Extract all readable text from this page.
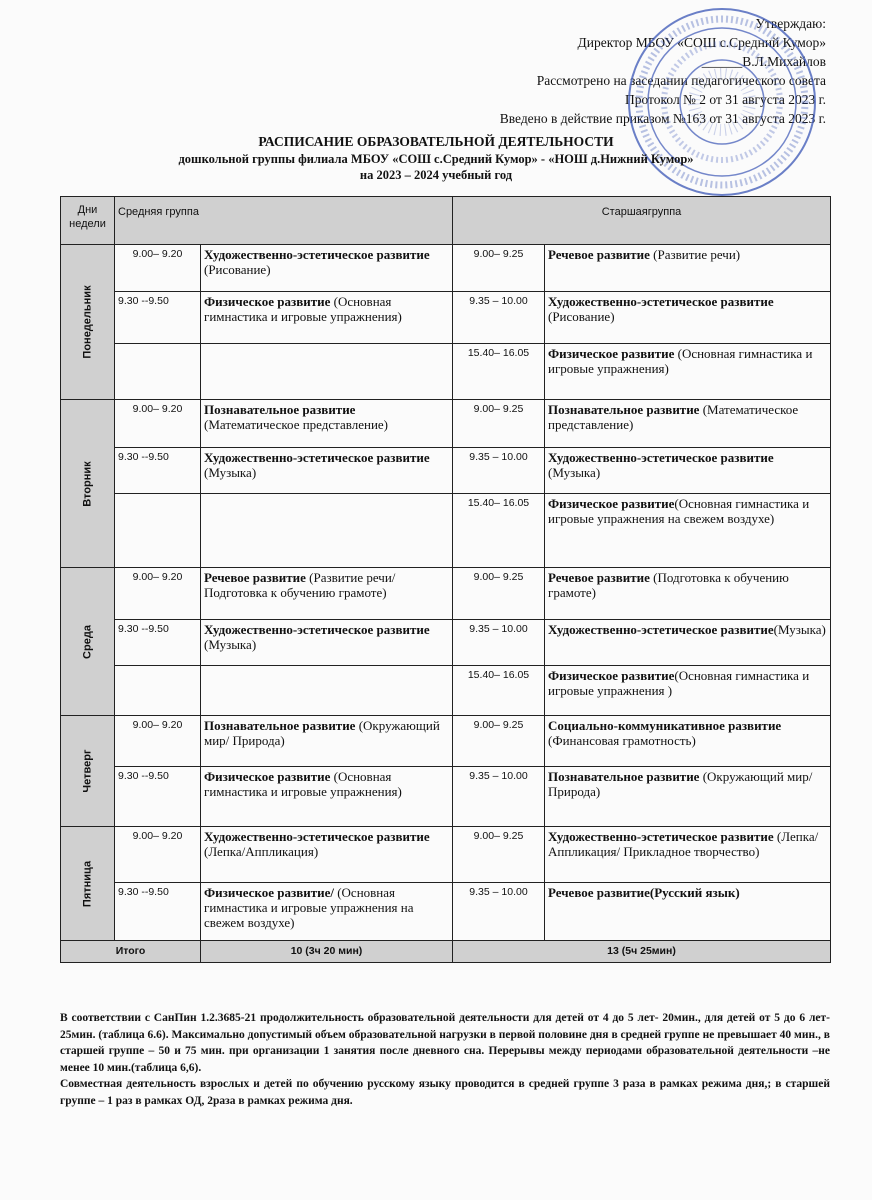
Утверждаю:
Директор МБОУ «СОШ с.Средний Кумор»
______В.Л.Михайлов
Рассмотрено на заседании педагогического совета
Протокол № 2 от 31 августа 2023 г.
Введено в действие приказом №163 от 31 августа 2023 г.
РАСПИСАНИЕ ОБРАЗОВАТЕЛЬНОЙ ДЕЯТЕЛЬНОСТИ
дошкольной группы филиала МБОУ «СОШ с.Средний Кумор» - «НОШ д.Нижний Кумор»
на 2023 – 2024 учебный год
Дни недели	Средняя группа		Старшаягруппа	

Понедельник	9.00– 9.20	Художественно-эстетическое развитие (Рисование)	9.00– 9.25	Речевое развитие (Развитие речи)
	9.30 --9.50	Физическое развитие (Основная гимнастика и игровые упражнения)	9.35 – 10.00	Художественно-эстетическое развитие (Рисование)
			15.40– 16.05	Физическое развитие (Основная гимнастика и игровые упражнения)

Вторник	9.00– 9.20	Познавательное развитие (Математическое представление)	9.00– 9.25	Познавательное развитие (Математическое представление)
	9.30 --9.50	Художественно-эстетическое развитие (Музыка)	9.35 – 10.00	Художественно-эстетическое развитие (Музыка)
			15.40– 16.05	Физическое развитие(Основная гимнастика и игровые упражнения на свежем воздухе)

Среда	9.00– 9.20	Речевое развитие (Развитие речи/ Подготовка к обучению грамоте)	9.00– 9.25	Речевое развитие (Подготовка к обучению грамоте)
	9.30 --9.50	Художественно-эстетическое развитие (Музыка)	9.35 – 10.00	Художественно-эстетическое развитие(Музыка)
			15.40– 16.05	Физическое развитие(Основная гимнастика и игровые упражнения )

Четверг	9.00– 9.20	Познавательное развитие (Окружающий мир/ Природа)	9.00– 9.25	Социально-коммуникативное развитие (Финансовая грамотность)
	9.30 --9.50	Физическое развитие (Основная гимнастика и игровые упражнения)	9.35 – 10.00	Познавательное развитие (Окружающий мир/Природа)

Пятница	9.00– 9.20	Художественно-эстетическое развитие (Лепка/Аппликация)	9.00– 9.25	Художественно-эстетическое развитие (Лепка/Аппликация/ Прикладное творчество)
	9.30 --9.50	Физическое развитие/ (Основная гимнастика и игровые упражнения на свежем воздухе)	9.35 – 10.00	Речевое развитие(Русский язык)
Итого		10 (3ч 20 мин)	13 (5ч 25мин)	

В соответствии с СанПин 1.2.3685-21 продолжительность образовательной деятельности для детей от 4 до 5 лет- 20мин., для детей от 5 до 6 лет- 25мин. (таблица 6.6). Максимально допустимый объем образовательной нагрузки в первой половине дня в средней группе не превышает 40 мин., в старшей группе – 50 и 75 мин. при организации 1 занятия после дневного сна. Перерывы между периодами образовательной деятельности –не менее 10 мин.(таблица 6,6).

Совместная деятельность взрослых и детей по обучению русскому языку проводится в средней группе 3 раза в рамках режима дня,; в старшей группе – 1 раз в рамках ОД, 2раза в рамках режима дня.
